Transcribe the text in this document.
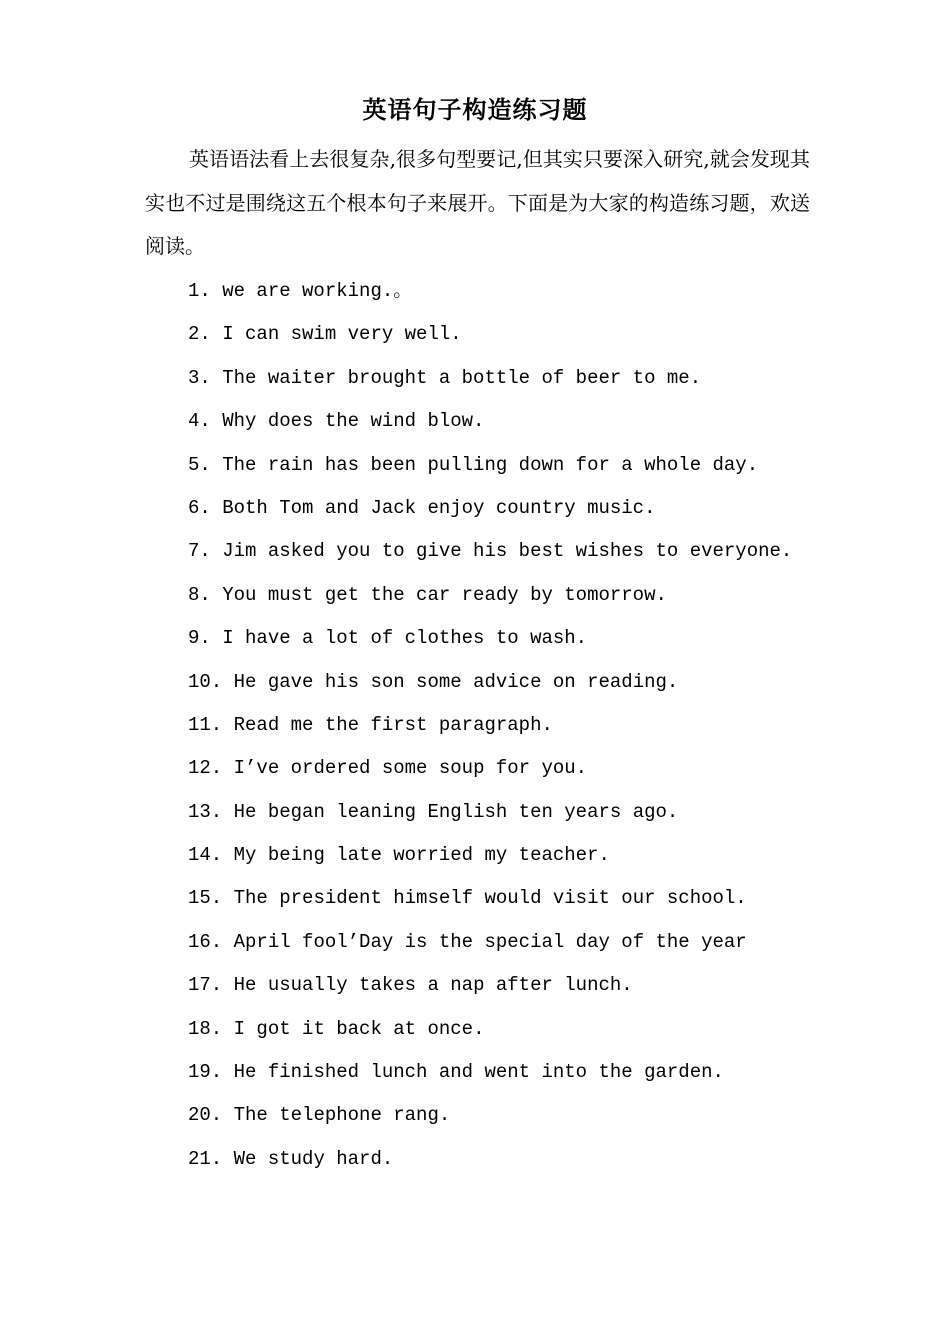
英语句子构造练习题

英语语法看上去很复杂,很多句型要记,但其实只要深入研究,就会发现其实也不过是围绕这五个根本句子来展开。下面是为大家的构造练习题，欢送阅读。

1. we are working.。
2. I can swim very well.
3. The waiter brought a bottle of beer to me.
4. Why does the wind blow.
5. The rain has been pulling down for a whole day.
6. Both Tom and Jack enjoy country music.
7. Jim asked you to give his best wishes to everyone.
8. You must get the car ready by tomorrow.
9. I have a lot of clothes to wash.
10. He gave his son some advice on reading.
11. Read me the first paragraph.
12. I’ve ordered some soup for you.
13. He began leaning English ten years ago.
14. My being late worried my teacher.
15. The president himself would visit our school.
16. April fool’Day is the special day of the year
17. He usually takes a nap after lunch.
18. I got it back at once.
19. He finished lunch and went into the garden.
20. The telephone rang.
21. We study hard.
